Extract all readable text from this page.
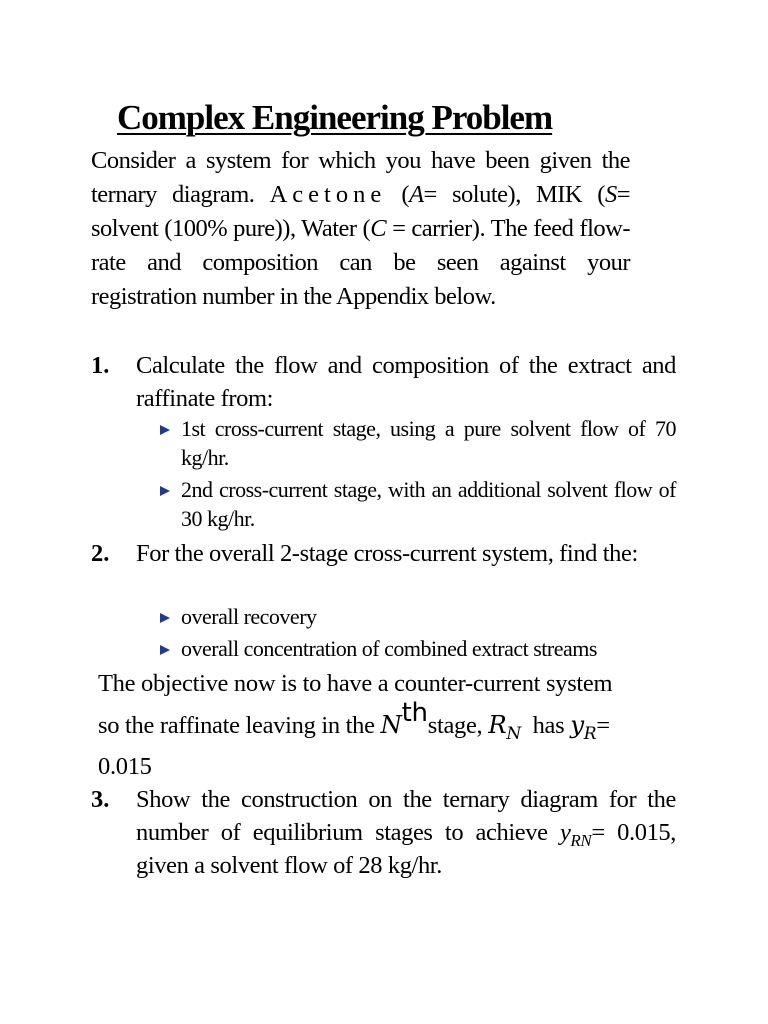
Complex Engineering Problem
Consider a system for which you have been given the ternary diagram. Acetone (A= solute), MIK (S= solvent (100% pure)), Water (C = carrier). The feed flow-rate and composition can be seen against your registration number in the Appendix below.
1. Calculate the flow and composition of the extract and raffinate from:
1st cross-current stage, using a pure solvent flow of 70 kg/hr.
2nd cross-current stage, with an additional solvent flow of 30 kg/hr.
2. For the overall 2-stage cross-current system, find the:
overall recovery
overall concentration of combined extract streams
The objective now is to have a counter-current system
so the raffinate leaving in the $N^{th}stage$, $R_N$ has $y_R=$
0.015
3. Show the construction on the ternary diagram for the number of equilibrium stages to achieve $y_{RN}= 0.015$, given a solvent flow of 28 kg/hr.
